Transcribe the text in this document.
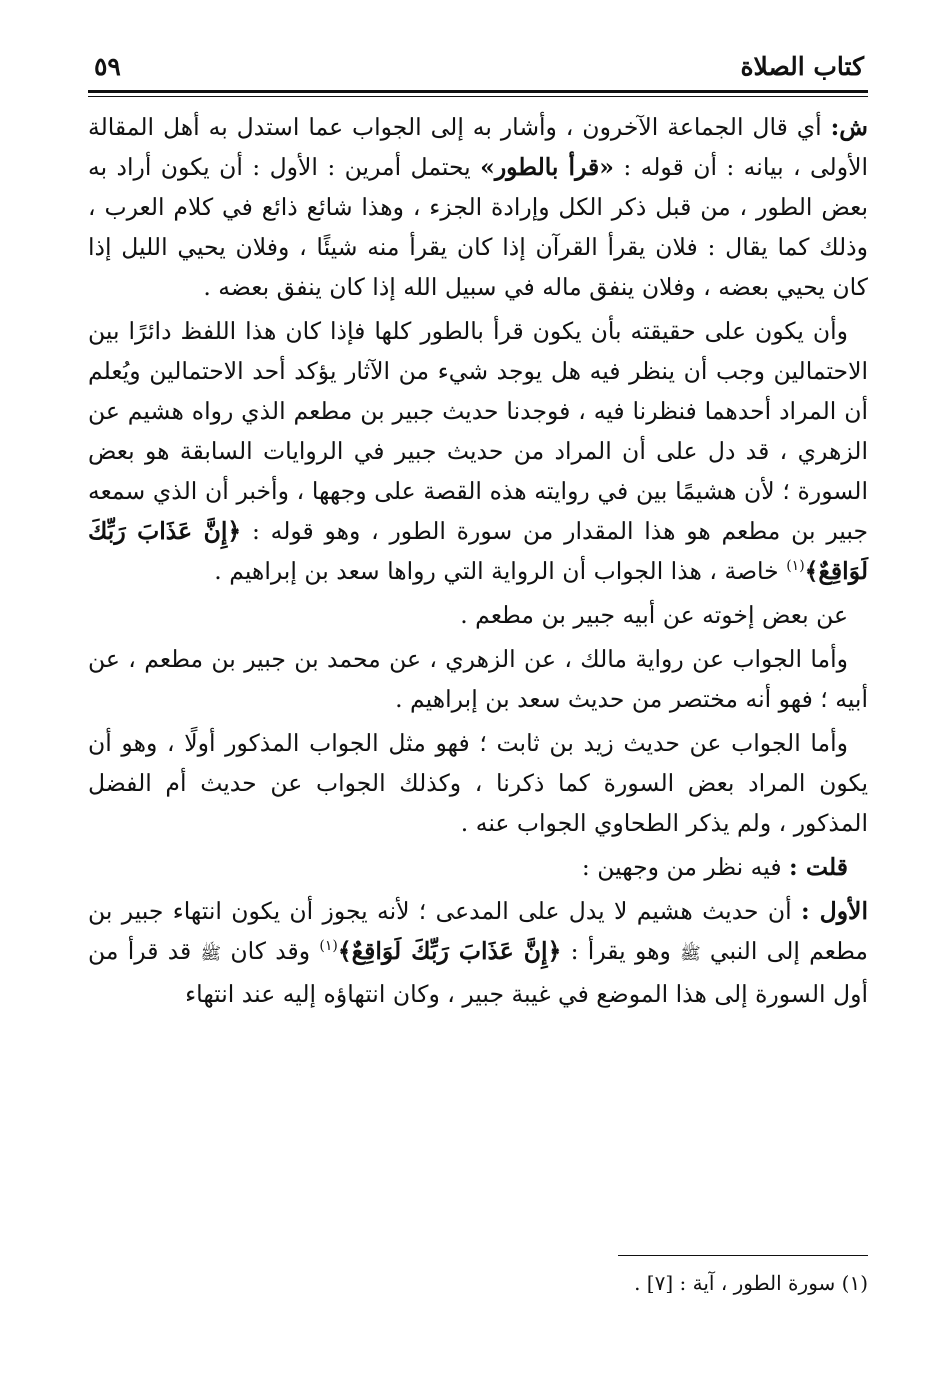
كتاب الصلاة
٥٩

ش: أي قال الجماعة الآخرون ، وأشار به إلى الجواب عما استدل به أهل المقالة الأولى ، بيانه : أن قوله : «قرأ بالطور» يحتمل أمرين : الأول : أن يكون أراد به بعض الطور ، من قبل ذكر الكل وإرادة الجزء ، وهذا شائع ذائع في كلام العرب ، وذلك كما يقال : فلان يقرأ القرآن إذا كان يقرأ منه شيئًا ، وفلان يحيي الليل إذا كان يحيي بعضه ، وفلان ينفق ماله في سبيل الله إذا كان ينفق بعضه .

وأن يكون على حقيقته بأن يكون قرأ بالطور كلها فإذا كان هذا اللفظ دائرًا بين الاحتمالين وجب أن ينظر فيه هل يوجد شيء من الآثار يؤكد أحد الاحتمالين ويُعلم أن المراد أحدهما فنظرنا فيه ، فوجدنا حديث جبير بن مطعم الذي رواه هشيم عن الزهري ، قد دل على أن المراد من حديث جبير في الروايات السابقة هو بعض السورة ؛ لأن هشيمًا بين في روايته هذه القصة على وجهها ، وأخبر أن الذي سمعه جبير بن مطعم هو هذا المقدار من سورة الطور ، وهو قوله : ﴿إِنَّ عَذَابَ رَبِّكَ لَوَاقِعٌ﴾$^{(١)}$ خاصة ، هذا الجواب أن الرواية التي رواها سعد بن إبراهيم .

عن بعض إخوته عن أبيه جبير بن مطعم .

وأما الجواب عن رواية مالك ، عن الزهري ، عن محمد بن جبير بن مطعم ، عن أبيه ؛ فهو أنه مختصر من حديث سعد بن إبراهيم .

وأما الجواب عن حديث زيد بن ثابت ؛ فهو مثل الجواب المذكور أولًا ، وهو أن يكون المراد بعض السورة كما ذكرنا ، وكذلك الجواب عن حديث أم الفضل المذكور ، ولم يذكر الطحاوي الجواب عنه .

قلت : فيه نظر من وجهين :

الأول : أن حديث هشيم لا يدل على المدعى ؛ لأنه يجوز أن يكون انتهاء جبير بن مطعم إلى النبي ﷺ وهو يقرأ : ﴿إِنَّ عَذَابَ رَبِّكَ لَوَاقِعٌ﴾$^{(١)}$ وقد كان ﷺ قد قرأ من أول السورة إلى هذا الموضع في غيبة جبير ، وكان انتهاؤه إليه عند انتهاء

(١) سورة الطور ، آية : [٧] .
